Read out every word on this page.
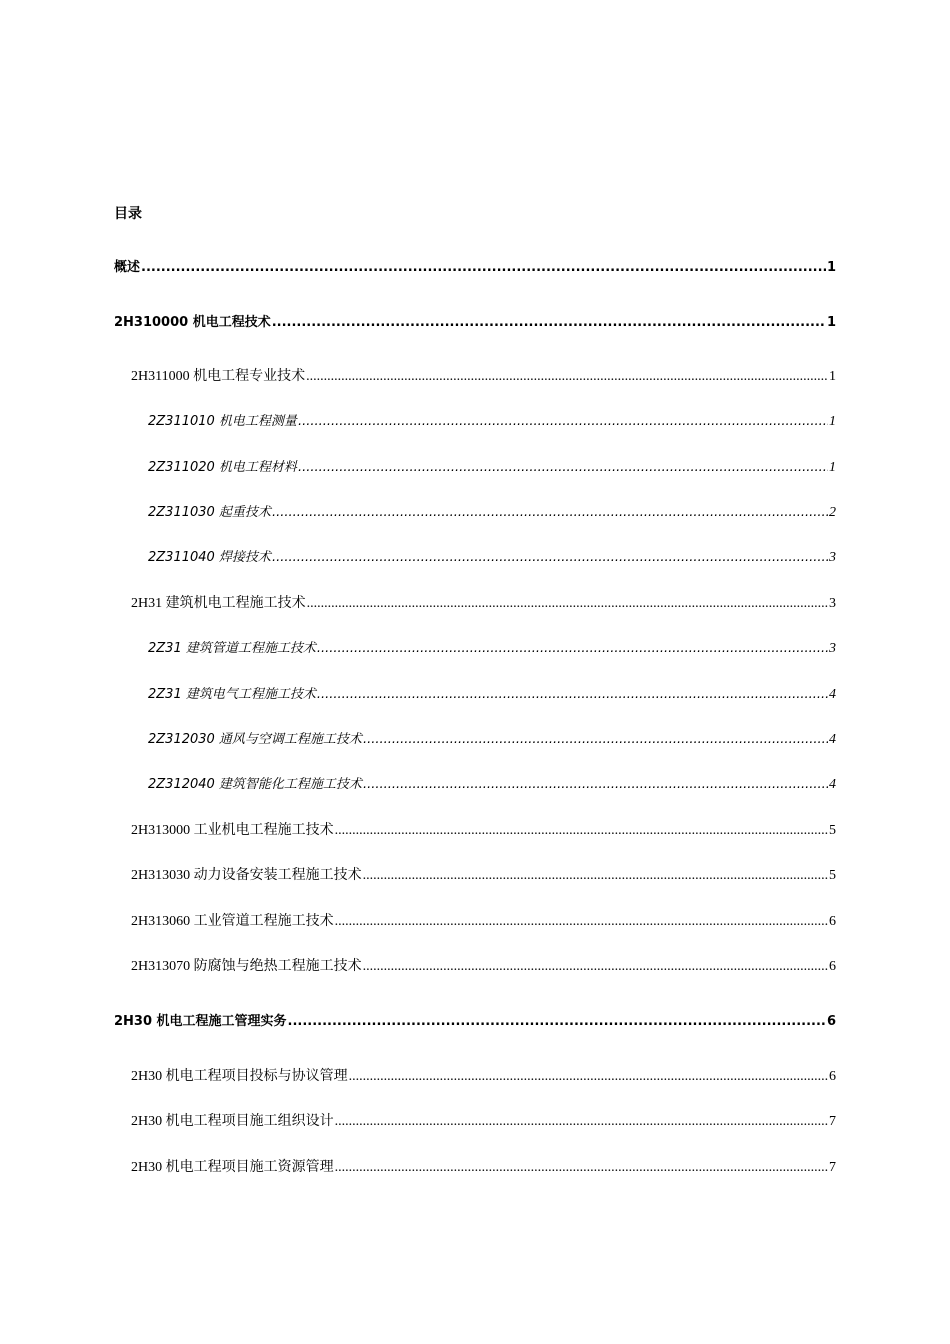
目录
概述 .....	1
2H310000 机电工程技术 .....	1
2H311000 机电工程专业技术 .....	1
2Z311010 机电工程测量 .....	1
2Z311020 机电工程材料 .....	1
2Z311030 起重技术 .....	2
2Z311040 焊接技术 .....	3
2H31 建筑机电工程施工技术 .....	3
2Z31 建筑管道工程施工技术 .....	3
2Z31 建筑电气工程施工技术 .....	4
2Z312030 通风与空调工程施工技术 .....	4
2Z312040 建筑智能化工程施工技术 .....	4
2H313000 工业机电工程施工技术 .....	5
2H313030 动力设备安装工程施工技术 .....	5
2H313060 工业管道工程施工技术 .....	6
2H313070 防腐蚀与绝热工程施工技术 .....	6
2H30 机电工程施工管理实务 .....	6
2H30 机电工程项目投标与协议管理 .....	6
2H30 机电工程项目施工组织设计 .....	7
2H30 机电工程项目施工资源管理 .....	7
